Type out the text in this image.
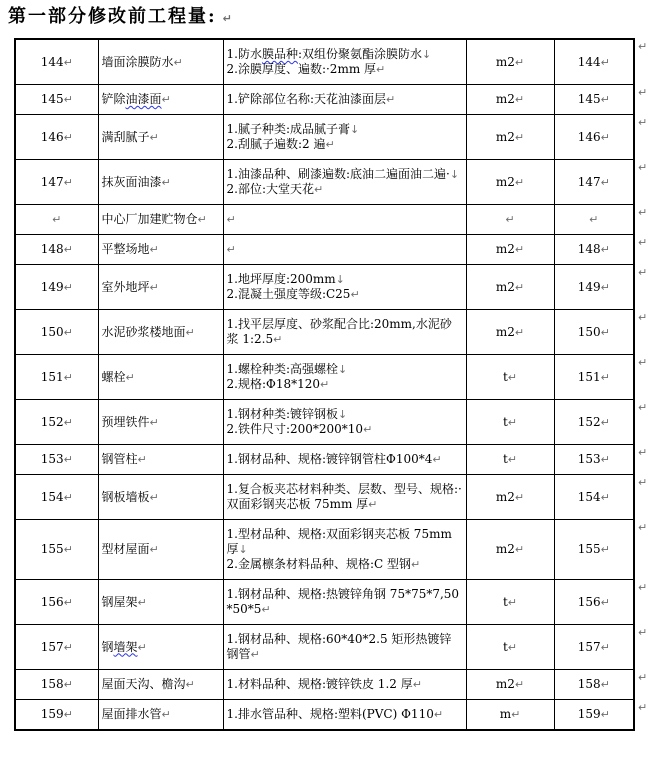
第一部分修改前工程量: ↵
144↵	墙面涂膜防水↵	1.防水膜品种:双组份聚氨酯涂膜防水↓
2.涂膜厚度、遍数:·2mm 厚↵	m2↵	144↵
145↵	铲除油漆面↵	1.铲除部位名称:天花油漆面层↵	m2↵	145↵
146↵	满刮腻子↵	1.腻子种类:成品腻子膏↓
2.刮腻子遍数:2 遍↵	m2↵	146↵
147↵	抹灰面油漆↵	1.油漆品种、刷漆遍数:底油二遍面油二遍·↓
2.部位:大堂天花↵	m2↵	147↵
↵	中心厂加建贮物仓↵	↵	↵	↵
148↵	平整场地↵	↵	m2↵	148↵
149↵	室外地坪↵	1.地坪厚度:200mm↓
2.混凝土强度等级:C25↵	m2↵	149↵
150↵	水泥砂浆楼地面↵	1.找平层厚度、砂浆配合比:20mm,水泥砂浆 1:2.5↵	m2↵	150↵
151↵	螺栓↵	1.螺栓种类:高强螺栓↓
2.规格:Φ18*120↵	t↵	151↵
152↵	预埋铁件↵	1.钢材种类:镀锌钢板↓
2.铁件尺寸:200*200*10↵	t↵	152↵
153↵	钢管柱↵	1.钢材品种、规格:镀锌钢管柱Φ100*4↵	t↵	153↵
154↵	钢板墙板↵	1.复合板夹芯材料种类、层数、型号、规格:·双面彩钢夹芯板 75mm 厚↵	m2↵	154↵
155↵	型材屋面↵	1.型材品种、规格:双面彩钢夹芯板 75mm 厚↓
2.金属檩条材料品种、规格:C 型钢↵	m2↵	155↵
156↵	钢屋架↵	1.钢材品种、规格:热镀锌角钢 75*75*7,50*50*5↵	t↵	156↵
157↵	钢墙架↵	1.钢材品种、规格:60*40*2.5 矩形热镀锌钢管↵	t↵	157↵
158↵	屋面天沟、檐沟↵	1.材料品种、规格:镀锌铁皮 1.2 厚↵	m2↵	158↵
159↵	屋面排水管↵	1.排水管品种、规格:塑料(PVC) Φ110↵	m↵	159↵
↵
↵
↵
↵
↵
↵
↵
↵
↵
↵
↵
↵
↵
↵
↵
↵
↵
